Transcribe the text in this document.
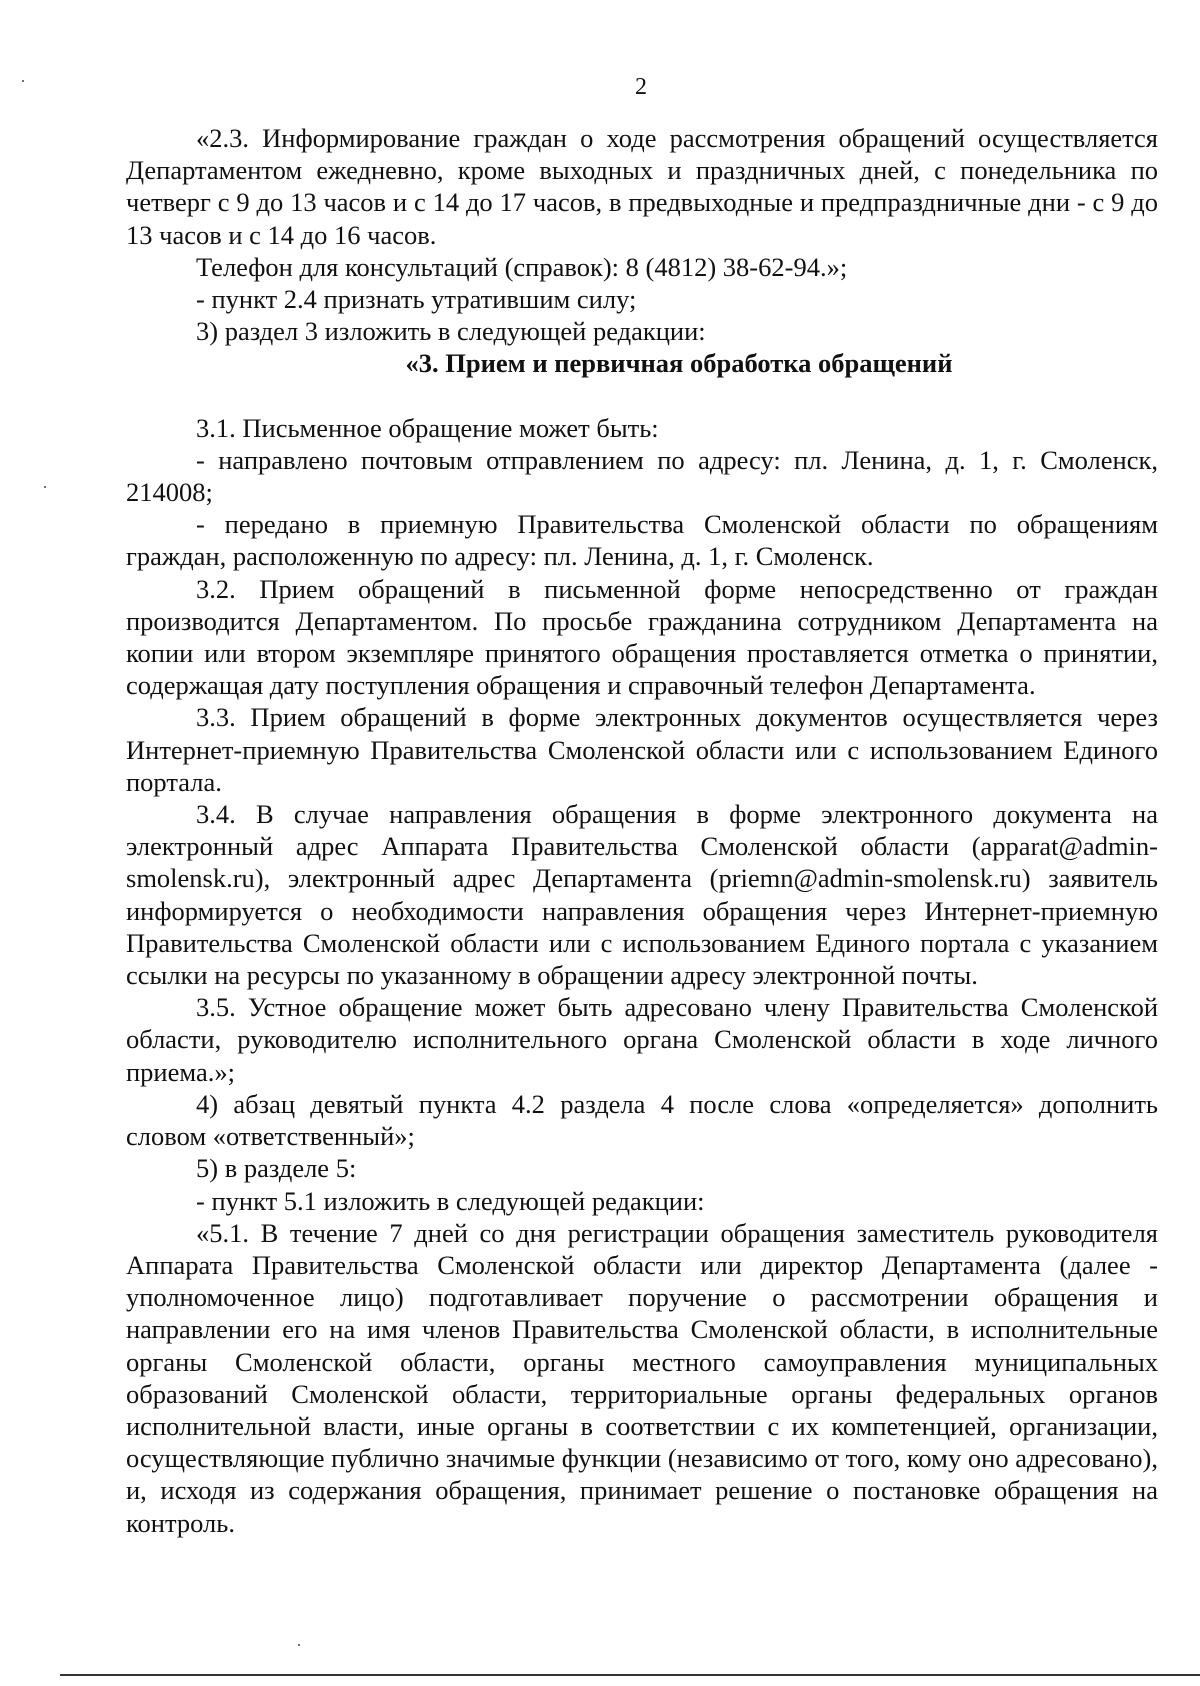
2

«2.3. Информирование граждан о ходе рассмотрения обращений осуществляется Департаментом ежедневно, кроме выходных и праздничных дней, с понедельника по четверг с 9 до 13 часов и с 14 до 17 часов, в предвыходные и предпраздничные дни - с 9 до 13 часов и с 14 до 16 часов.

Телефон для консультаций (справок): 8 (4812) 38-62-94.»;

- пункт 2.4 признать утратившим силу;

3) раздел 3 изложить в следующей редакции:

«3. Прием и первичная обработка обращений

3.1. Письменное обращение может быть:

- направлено почтовым отправлением по адресу: пл. Ленина, д. 1, г. Смоленск, 214008;

- передано в приемную Правительства Смоленской области по обращениям граждан, расположенную по адресу: пл. Ленина, д. 1, г. Смоленск.

3.2. Прием обращений в письменной форме непосредственно от граждан производится Департаментом. По просьбе гражданина сотрудником Департамента на копии или втором экземпляре принятого обращения проставляется отметка о принятии, содержащая дату поступления обращения и справочный телефон Департамента.

3.3. Прием обращений в форме электронных документов осуществляется через Интернет-приемную Правительства Смоленской области или с использованием Единого портала.

3.4. В случае направления обращения в форме электронного документа на электронный адрес Аппарата Правительства Смоленской области (apparat@admin-smolensk.ru), электронный адрес Департамента (priemn@admin-smolensk.ru) заявитель информируется о необходимости направления обращения через Интернет-приемную Правительства Смоленской области или с использованием Единого портала с указанием ссылки на ресурсы по указанному в обращении адресу электронной почты.

3.5. Устное обращение может быть адресовано члену Правительства Смоленской области, руководителю исполнительного органа Смоленской области в ходе личного приема.»;

4) абзац девятый пункта 4.2 раздела 4 после слова «определяется» дополнить словом «ответственный»;

5) в разделе 5:

- пункт 5.1 изложить в следующей редакции:

«5.1. В течение 7 дней со дня регистрации обращения заместитель руководителя Аппарата Правительства Смоленской области или директор Департамента (далее - уполномоченное лицо) подготавливает поручение о рассмотрении обращения и направлении его на имя членов Правительства Смоленской области, в исполнительные органы Смоленской области, органы местного самоуправления муниципальных образований Смоленской области, территориальные органы федеральных органов исполнительной власти, иные органы в соответствии с их компетенцией, организации, осуществляющие публично значимые функции (независимо от того, кому оно адресовано), и, исходя из содержания обращения, принимает решение о постановке обращения на контроль.
